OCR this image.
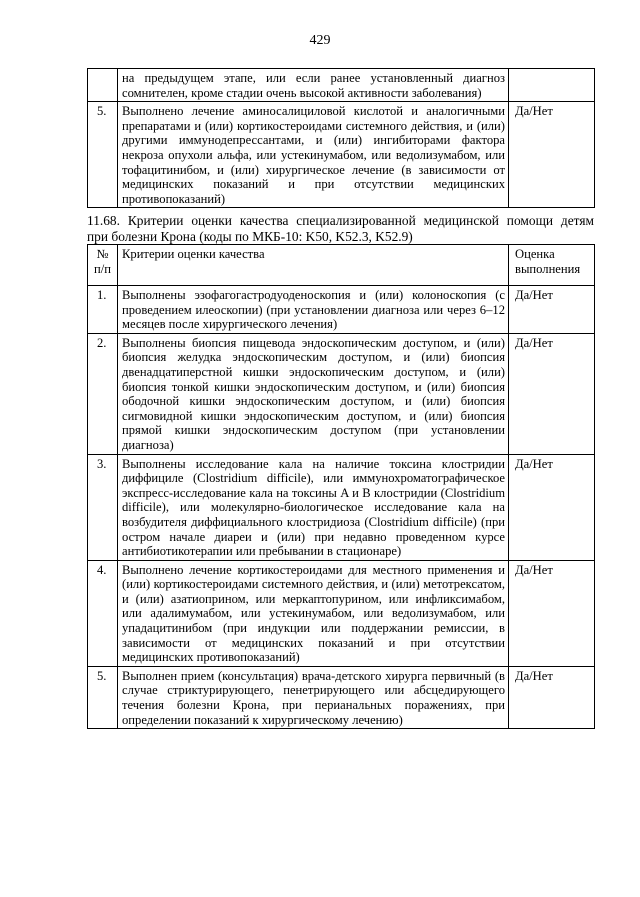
429
	на предыдущем этапе, или если ранее установленный диагноз сомнителен, кроме стадии очень высокой активности заболевания)	
5.	Выполнено лечение аминосалициловой кислотой и аналогичными препаратами и (или) кортикостероидами системного действия, и (или) другими иммунодепрессантами, и (или) ингибиторами фактора некроза опухоли альфа, или устекинумабом, или ведолизумабом, или тофацитинибом, и (или) хирургическое лечение (в зависимости от медицинских показаний и при отсутствии медицинских противопоказаний)	Да/Нет
11.68. Критерии оценки качества специализированной медицинской помощи детям
при болезни Крона (коды по МКБ-10: K50, K52.3, K52.9)
№ п/п	Критерии оценки качества	Оценка выполнения
1.	Выполнены эзофагогастродуоденоскопия и (или) колоноскопия (с проведением илеоскопии) (при установлении диагноза или через 6–12 месяцев после хирургического лечения)	Да/Нет
2.	Выполнены биопсия пищевода эндоскопическим доступом, и (или) биопсия желудка эндоскопическим доступом, и (или) биопсия двенадцатиперстной кишки эндоскопическим доступом, и (или) биопсия тонкой кишки эндоскопическим доступом, и (или) биопсия ободочной кишки эндоскопическим доступом, и (или) биопсия сигмовидной кишки эндоскопическим доступом, и (или) биопсия прямой кишки эндоскопическим доступом (при установлении диагноза)	Да/Нет
3.	Выполнены исследование кала на наличие токсина клостридии диффициле (Clostridium difficile), или иммунохроматографическое экспресс-исследование кала на токсины A и B клостридии (Clostridium difficile), или молекулярно-биологическое исследование кала на возбудителя диффициального клостридиоза (Clostridium difficile) (при остром начале диареи и (или) при недавно проведенном курсе антибиотикотерапии или пребывании в стационаре)	Да/Нет
4.	Выполнено лечение кортикостероидами для местного применения и (или) кортикостероидами системного действия, и (или) метотрексатом, и (или) азатиоприном, или меркаптопурином, или инфликсимабом, или адалимумабом, или устекинумабом, или ведолизумабом, или упадацитинибом (при индукции или поддержании ремиссии, в зависимости от медицинских показаний и при отсутствии медицинских противопоказаний)	Да/Нет
5.	Выполнен прием (консультация) врача-детского хирурга первичный (в случае стриктурирующего, пенетрирующего или абсцедирующего течения болезни Крона, при перианальных поражениях, при определении показаний к хирургическому лечению)	Да/Нет
